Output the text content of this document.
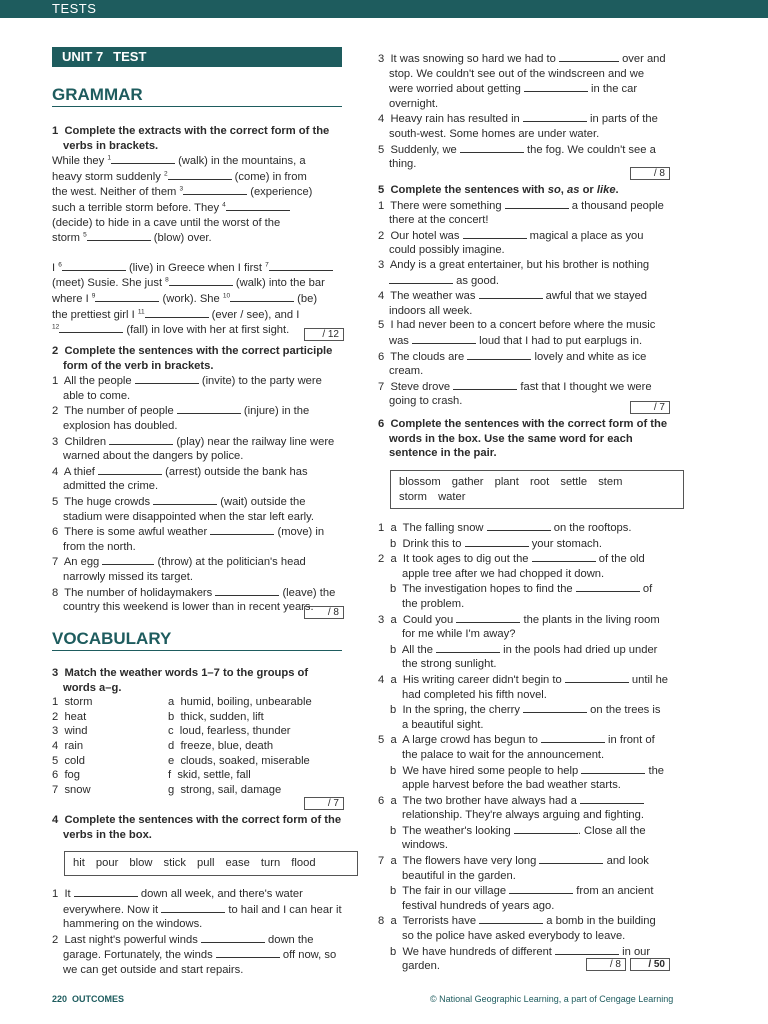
TESTS
UNIT 7 TEST
GRAMMAR
1  Complete the extracts with the correct form of the verbs in brackets.
While they $^1$	(walk) in the mountains, a
heavy storm suddenly $^2$	(come) in from
the west. Neither of them $^3$	(experience)
such a terrible storm before. They $^4$
(decide) to hide in a cave until the worst of the
storm $^5$	(blow) over.
I $^6$	(live) in Greece when I first $^7$
(meet) Susie. She just $^8$	(walk) into the bar
where I $^9$	(work). She $^{10}$	(be)
the prettiest girl I $^{11}$	(ever / see), and I
$^{12}$	(fall) in love with her at first sight.	/ 12
2  Complete the sentences with the correct participle form of the verb in brackets.
1  All the people	(invite) to the party were able to come.
2  The number of people	(injure) in the explosion has doubled.
3  Children	(play) near the railway line were warned about the dangers by police.
4  A thief	(arrest) outside the bank has admitted the crime.
5  The huge crowds	(wait) outside the stadium were disappointed when the star left early.
6  There is some awful weather	(move) in from the north.
7  An egg	(throw) at the politician's head narrowly missed its target.
8  The number of holidaymakers	(leave) the country this weekend is lower than in recent years.	/ 8
VOCABULARY
3  Match the weather words 1–7 to the groups of words a–g.
1  storm	a  humid, boiling, unbearable
2  heat	b  thick, sudden, lift
3  wind	c  loud, fearless, thunder
4  rain	d  freeze, blue, death
5  cold	e  clouds, soaked, miserable
6  fog	f  skid, settle, fall
7  snow	g  strong, sail, damage
/ 7
4  Complete the sentences with the correct form of the verbs in the box.
hit pour blow stick pull ease turn flood
1  It	down all week, and there's water everywhere. Now it	to hail and I can hear it hammering on the windows.
2  Last night's powerful winds	down the garage. Fortunately, the winds	off now, so we can get outside and start repairs.
3  It was snowing so hard we had to	over and stop. We couldn't see out of the windscreen and we were worried about getting	in the car overnight.
4  Heavy rain has resulted in	in parts of the south-west. Some homes are under water.
5  Suddenly, we	the fog. We couldn't see a thing.
/ 8
5  Complete the sentences with so, as or like.
1  There were something	a thousand people there at the concert!
2  Our hotel was	magical a place as you could possibly imagine.
3  Andy is a great entertainer, but his brother is nothing  as good.
4  The weather was	awful that we stayed indoors all week.
5  I had never been to a concert before where the music was	loud that I had to put earplugs in.
6  The clouds are	lovely and white as ice cream.
7  Steve drove	fast that I thought we were going to crash.
/ 7
6  Complete the sentences with the correct form of the words in the box. Use the same word for each sentence in the pair.
blossom gather plant root settle stem
storm water
1  a  The falling snow	on the rooftops.
b  Drink this to	your stomach.
2  a  It took ages to dig out the	of the old apple tree after we had chopped it down.
b  The investigation hopes to find the	of the problem.
3  a  Could you	the plants in the living room for me while I'm away?
b  All the	in the pools had dried up under the strong sunlight.
4  a  His writing career didn't begin to	until he had completed his fifth novel.
b  In the spring, the cherry	on the trees is a beautiful sight.
5  a  A large crowd has begun to	in front of the palace to wait for the announcement.
b  We have hired some people to help	the apple harvest before the bad weather starts.
6  a  The two brother have always had a  relationship. They're always arguing and fighting.
b  The weather's looking	. Close all the windows.
7  a  The flowers have very long	and look beautiful in the garden.
b  The fair in our village	from an ancient festival hundreds of years ago.
8  a  Terrorists have	a bomb in the building so the police have asked everybody to leave.
b  We have hundreds of different	in our garden.	/ 8	/ 50
220 OUTCOMES	© National Geographic Learning, a part of Cengage Learning
